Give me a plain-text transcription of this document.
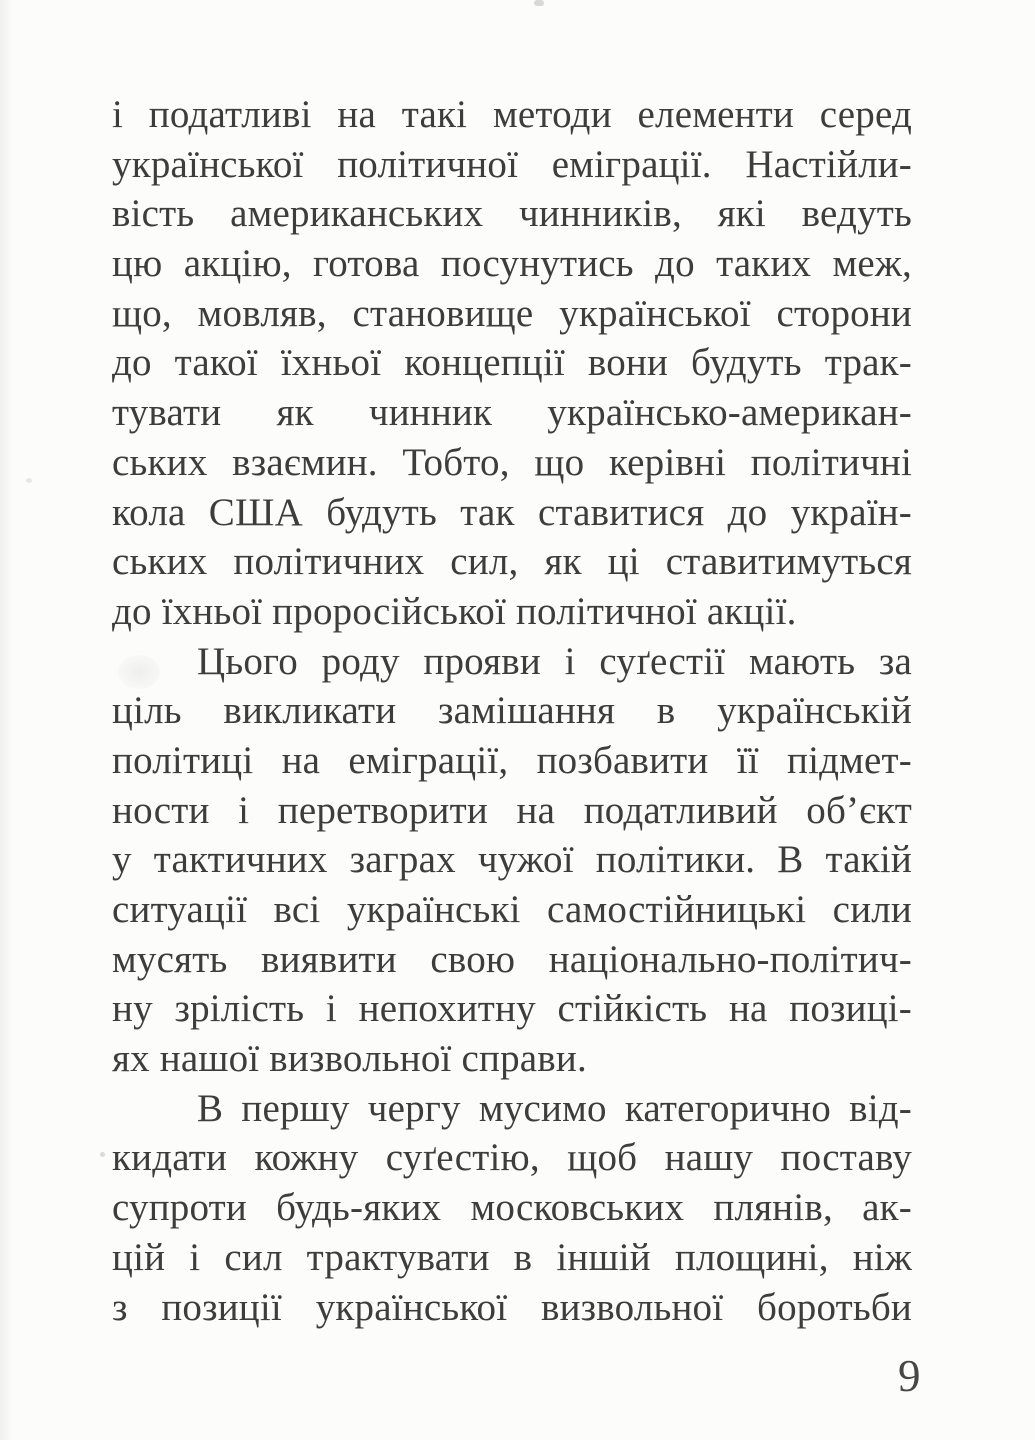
і податливі на такі методи елементи серед
української політичної еміграції. Настійли-
вість американських чинників, які ведуть
цю акцію, готова посунутись до таких меж,
що, мовляв, становище української сторони
до такої їхньої концепції вони будуть трак-
тувати як чинник українсько-американ-
ських взаємин. Тобто, що керівні політичні
кола США будуть так ставитися до україн-
ських політичних сил, як ці ставитимуться
до їхньої проросійської політичної акції.
Цього роду прояви і суґестії мають за
ціль викликати замішання в українській
політиці на еміграції, позбавити її підмет-
ности і перетворити на податливий об’єкт
у тактичних заграх чужої політики. В такій
ситуації всі українські самостійницькі сили
мусять виявити свою національно-політич-
ну зрілість і непохитну стійкість на позиці-
ях нашої визвольної справи.
В першу чергу мусимо категорично від-
кидати кожну суґестію, щоб нашу поставу
супроти будь-яких московських плянів, ак-
цій і сил трактувати в іншій площині, ніж
з позиції української визвольної боротьби
9
